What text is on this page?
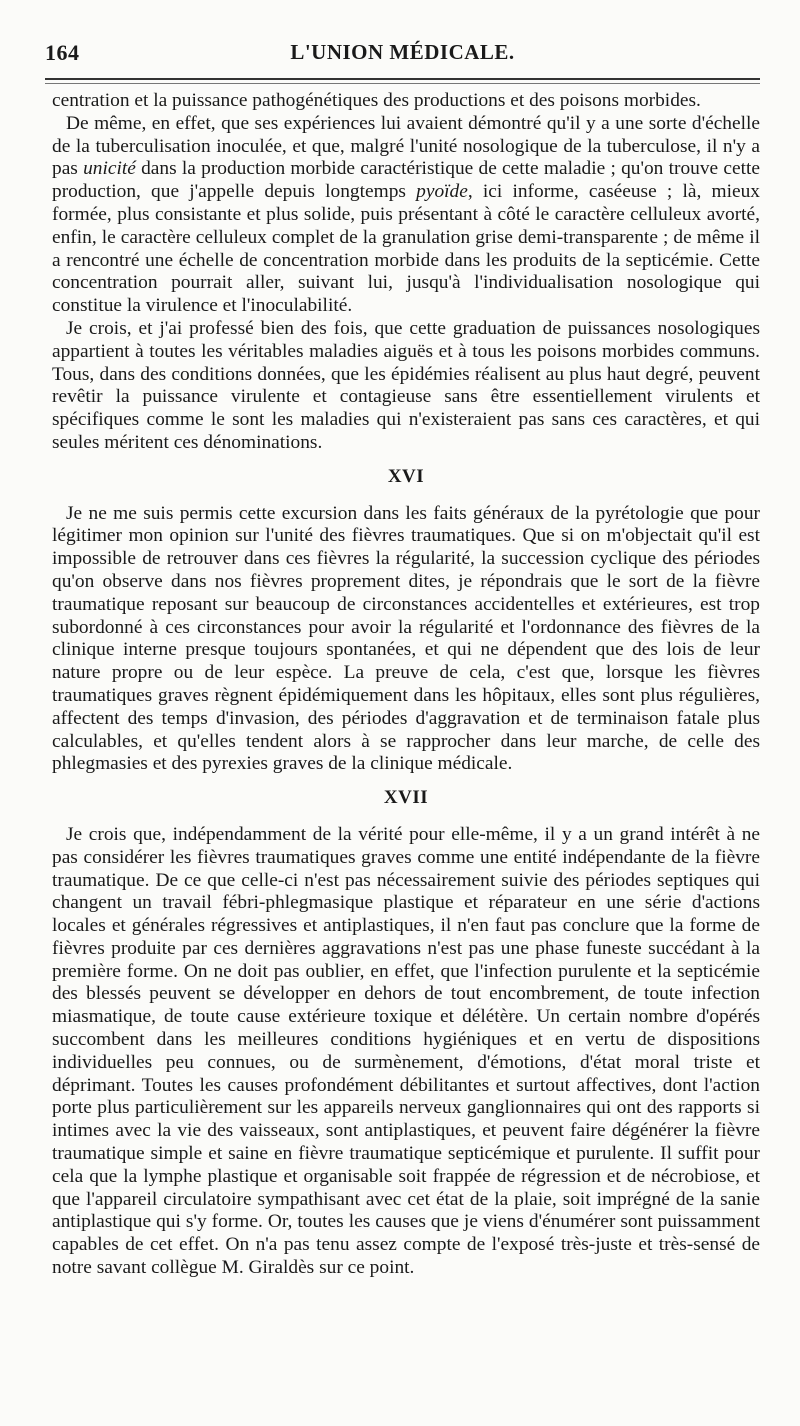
164	L'UNION MÉDICALE.

centration et la puissance pathogénétiques des productions et des poisons morbides.

De même, en effet, que ses expériences lui avaient démontré qu'il y a une sorte d'échelle de la tuberculisation inoculée, et que, malgré l'unité nosologique de la tuberculose, il n'y a pas unicité dans la production morbide caractéristique de cette maladie ; qu'on trouve cette production, que j'appelle depuis longtemps pyoïde, ici informe, caséeuse ; là, mieux formée, plus consistante et plus solide, puis présentant à côté le caractère celluleux avorté, enfin, le caractère celluleux complet de la granulation grise demi-transparente ; de même il a rencontré une échelle de concentration morbide dans les produits de la septicémie. Cette concentration pourrait aller, suivant lui, jusqu'à l'individualisation nosologique qui constitue la virulence et l'inoculabilité.

Je crois, et j'ai professé bien des fois, que cette graduation de puissances nosologiques appartient à toutes les véritables maladies aiguës et à tous les poisons morbides communs. Tous, dans des conditions données, que les épidémies réalisent au plus haut degré, peuvent revêtir la puissance virulente et contagieuse sans être essentiellement virulents et spécifiques comme le sont les maladies qui n'existeraient pas sans ces caractères, et qui seules méritent ces dénominations.

XVI

Je ne me suis permis cette excursion dans les faits généraux de la pyrétologie que pour légitimer mon opinion sur l'unité des fièvres traumatiques. Que si on m'objectait qu'il est impossible de retrouver dans ces fièvres la régularité, la succession cyclique des périodes qu'on observe dans nos fièvres proprement dites, je répondrais que le sort de la fièvre traumatique reposant sur beaucoup de circonstances accidentelles et extérieures, est trop subordonné à ces circonstances pour avoir la régularité et l'ordonnance des fièvres de la clinique interne presque toujours spontanées, et qui ne dépendent que des lois de leur nature propre ou de leur espèce. La preuve de cela, c'est que, lorsque les fièvres traumatiques graves règnent épidémiquement dans les hôpitaux, elles sont plus régulières, affectent des temps d'invasion, des périodes d'aggravation et de terminaison fatale plus calculables, et qu'elles tendent alors à se rapprocher dans leur marche, de celle des phlegmasies et des pyrexies graves de la clinique médicale.

XVII

Je crois que, indépendamment de la vérité pour elle-même, il y a un grand intérêt à ne pas considérer les fièvres traumatiques graves comme une entité indépendante de la fièvre traumatique. De ce que celle-ci n'est pas nécessairement suivie des périodes septiques qui changent un travail fébri-phlegmasique plastique et réparateur en une série d'actions locales et générales régressives et antiplastiques, il n'en faut pas conclure que la forme de fièvres produite par ces dernières aggravations n'est pas une phase funeste succédant à la première forme. On ne doit pas oublier, en effet, que l'infection purulente et la septicémie des blessés peuvent se développer en dehors de tout encombrement, de toute infection miasmatique, de toute cause extérieure toxique et délétère. Un certain nombre d'opérés succombent dans les meilleures conditions hygiéniques et en vertu de dispositions individuelles peu connues, ou de surmènement, d'émotions, d'état moral triste et déprimant. Toutes les causes profondément débilitantes et surtout affectives, dont l'action porte plus particulièrement sur les appareils nerveux ganglionnaires qui ont des rapports si intimes avec la vie des vaisseaux, sont antiplastiques, et peuvent faire dégénérer la fièvre traumatique simple et saine en fièvre traumatique septicémique et purulente. Il suffit pour cela que la lymphe plastique et organisable soit frappée de régression et de nécrobiose, et que l'appareil circulatoire sympathisant avec cet état de la plaie, soit imprégné de la sanie antiplastique qui s'y forme. Or, toutes les causes que je viens d'énumérer sont puissamment capables de cet effet. On n'a pas tenu assez compte de l'exposé très-juste et très-sensé de notre savant collègue M. Giraldès sur ce point.
